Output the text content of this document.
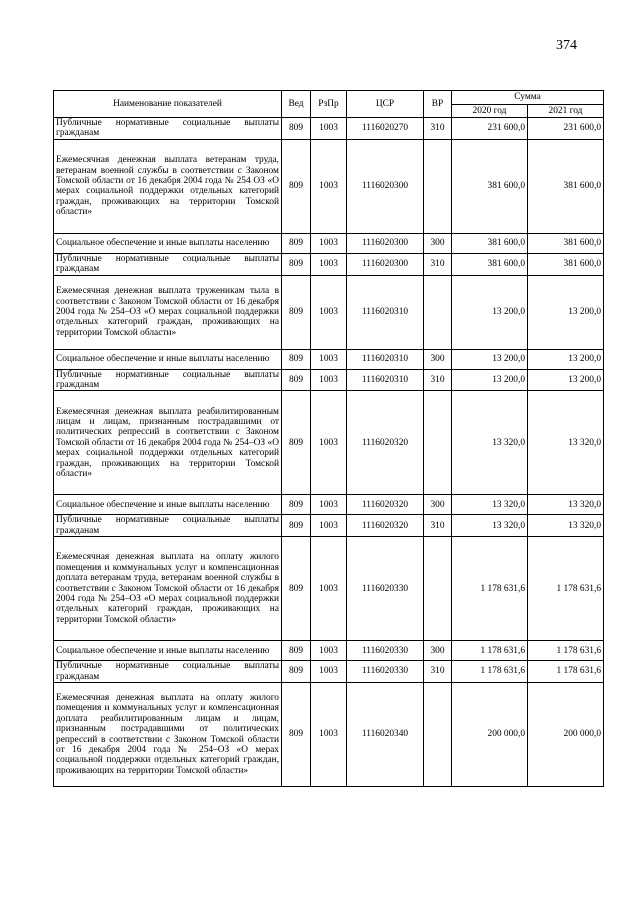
374
Наименование показателей	Вед	РзПр	ЦСР	ВР	Сумма	
					2020 год	2021 год
Публичные нормативные социальные выплаты гражданам	809	1003	1116020270	310	231 600,0	231 600,0
Ежемесячная денежная выплата ветеранам труда, ветеранам военной службы в соответствии с Законом Томской области от 16 декабря 2004 года № 254 ОЗ «О мерах социальной поддержки отдельных категорий граждан, проживающих на территории Томской области»	809	1003	1116020300		381 600,0	381 600,0
Социальное обеспечение и иные выплаты населению	809	1003	1116020300	300	381 600,0	381 600,0
Публичные нормативные социальные выплаты гражданам	809	1003	1116020300	310	381 600,0	381 600,0
Ежемесячная денежная выплата труженикам тыла в соответствии с Законом Томской области от 16 декабря 2004 года № 254–ОЗ «О мерах социальной поддержки отдельных категорий граждан, проживающих на территории Томской области»	809	1003	1116020310		13 200,0	13 200,0
Социальное обеспечение и иные выплаты населению	809	1003	1116020310	300	13 200,0	13 200,0
Публичные нормативные социальные выплаты гражданам	809	1003	1116020310	310	13 200,0	13 200,0
Ежемесячная денежная выплата реабилитированным лицам и лицам, признанным пострадавшими от политических репрессий в соответствии с Законом Томской области от 16 декабря 2004 года № 254–ОЗ «О мерах социальной поддержки отдельных категорий граждан, проживающих на территории Томской области»	809	1003	1116020320		13 320,0	13 320,0
Социальное обеспечение и иные выплаты населению	809	1003	1116020320	300	13 320,0	13 320,0
Публичные нормативные социальные выплаты гражданам	809	1003	1116020320	310	13 320,0	13 320,0
Ежемесячная денежная выплата на оплату жилого помещения и коммунальных услуг и компенсационная доплата ветеранам труда, ветеранам военной службы в соответствии с Законом Томской области от 16 декабря 2004 года № 254–ОЗ «О мерах социальной поддержки отдельных категорий граждан, проживающих на территории Томской области»	809	1003	1116020330		1 178 631,6	1 178 631,6
Социальное обеспечение и иные выплаты населению	809	1003	1116020330	300	1 178 631,6	1 178 631,6
Публичные нормативные социальные выплаты гражданам	809	1003	1116020330	310	1 178 631,6	1 178 631,6
Ежемесячная денежная выплата на оплату жилого помещения и коммунальных услуг и компенсационная доплата реабилитированным лицам и лицам, признанным пострадавшими от политических репрессий в соответствии с Законом Томской области от 16 декабря 2004 года № 254–ОЗ «О мерах социальной поддержки отдельных категорий граждан, проживающих на территории Томской области»	809	1003	1116020340		200 000,0	200 000,0
